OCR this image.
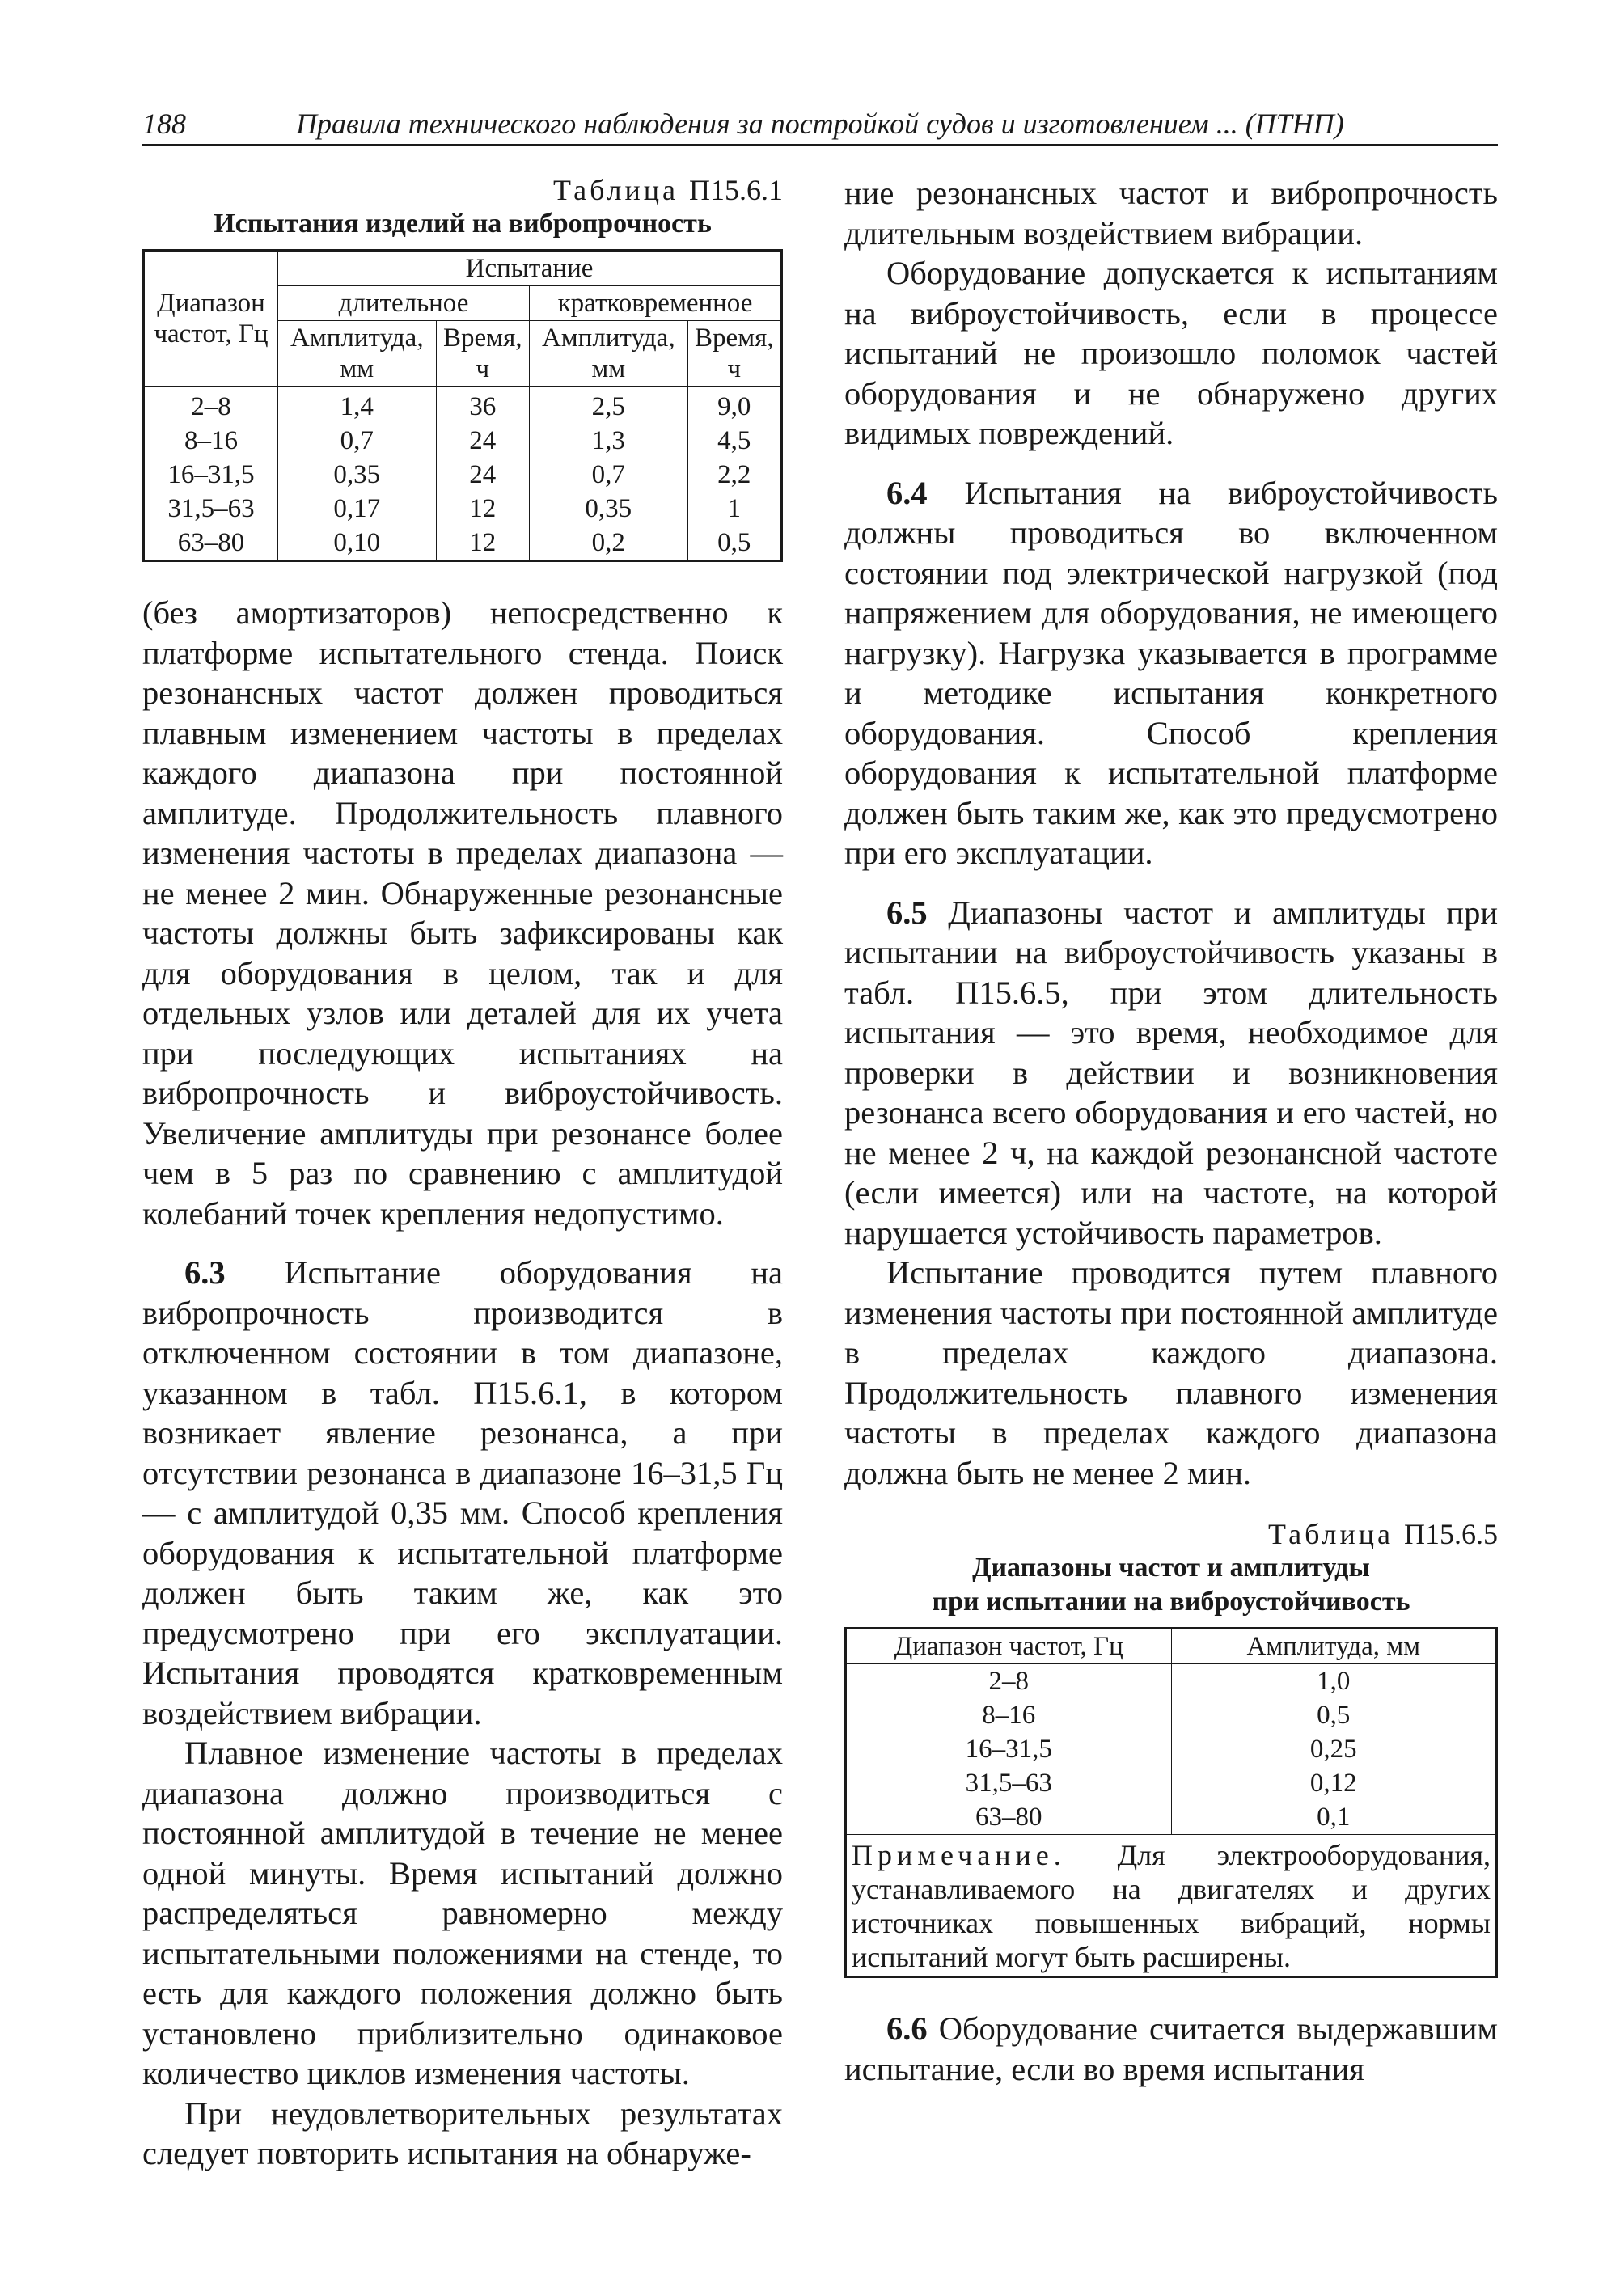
188	Правила технического наблюдения за постройкой судов и изготовлением ... (ПТНП)
Таблица П15.6.1
Испытания изделий на вибропрочность
Диапазон частот, Гц	Испытание			
	длительное		кратковременное	
	Амплитуда, мм	Время, ч	Амплитуда, мм	Время, ч
2–8	1,4	36	2,5	9,0
8–16	0,7	24	1,3	4,5
16–31,5	0,35	24	0,7	2,2
31,5–63	0,17	12	0,35	1
63–80	0,10	12	0,2	0,5

(без амортизаторов) непосредственно к платформе испытательного стенда. Поиск резонансных частот должен проводиться плавным изменением частоты в пределах каждого диапазона при постоянной амплитуде. Продолжительность плавного изменения частоты в пределах диапазона — не менее 2 мин. Обнаруженные резонансные частоты должны быть зафиксированы как для оборудования в целом, так и для отдельных узлов или деталей для их учета при последующих испытаниях на вибропрочность и виброустойчивость. Увеличение амплитуды при резонансе более чем в 5 раз по сравнению с амплитудой колебаний точек крепления недопустимо.

6.3 Испытание оборудования на вибропрочность производится в отключенном состоянии в том диапазоне, указанном в табл. П15.6.1, в котором возникает явление резонанса, а при отсутствии резонанса в диапазоне 16–31,5 Гц — с амплитудой 0,35 мм. Способ крепления оборудования к испытательной платформе должен быть таким же, как это предусмотрено при его эксплуатации. Испытания проводятся кратковременным воздействием вибрации.

Плавное изменение частоты в пределах диапазона должно производиться с постоянной амплитудой в течение не менее одной минуты. Время испытаний должно распределяться равномерно между испытательными положениями на стенде, то есть для каждого положения должно быть установлено приблизительно одинаковое количество циклов изменения частоты.

При неудовлетворительных результатах следует повторить испытания на обнаруже-

ние резонансных частот и вибропрочность длительным воздействием вибрации.

Оборудование допускается к испытаниям на виброустойчивость, если в процессе испытаний не произошло поломок частей оборудования и не обнаружено других видимых повреждений.

6.4 Испытания на виброустойчивость должны проводиться во включенном состоянии под электрической нагрузкой (под напряжением для оборудования, не имеющего нагрузку). Нагрузка указывается в программе и методике испытания конкретного оборудования. Способ крепления оборудования к испытательной платформе должен быть таким же, как это предусмотрено при его эксплуатации.

6.5 Диапазоны частот и амплитуды при испытании на виброустойчивость указаны в табл. П15.6.5, при этом длительность испытания — это время, необходимое для проверки в действии и возникновения резонанса всего оборудования и его частей, но не менее 2 ч, на каждой резонансной частоте (если имеется) или на частоте, на которой нарушается устойчивость параметров.

Испытание проводится путем плавного изменения частоты при постоянной амплитуде в пределах каждого диапазона. Продолжительность плавного изменения частоты в пределах каждого диапазона должна быть не менее 2 мин.

Таблица П15.6.5
Диапазоны частот и амплитуды
при испытании на виброустойчивость
Диапазон частот, Гц	Амплитуда, мм
2–8	1,0
8–16	0,5
16–31,5	0,25
31,5–63	0,12
63–80	0,1
Примечание. Для электрооборудования, устанавливаемого на двигателях и других источниках повышенных вибраций, нормы испытаний могут быть расширены.	

6.6 Оборудование считается выдержавшим испытание, если во время испытания
